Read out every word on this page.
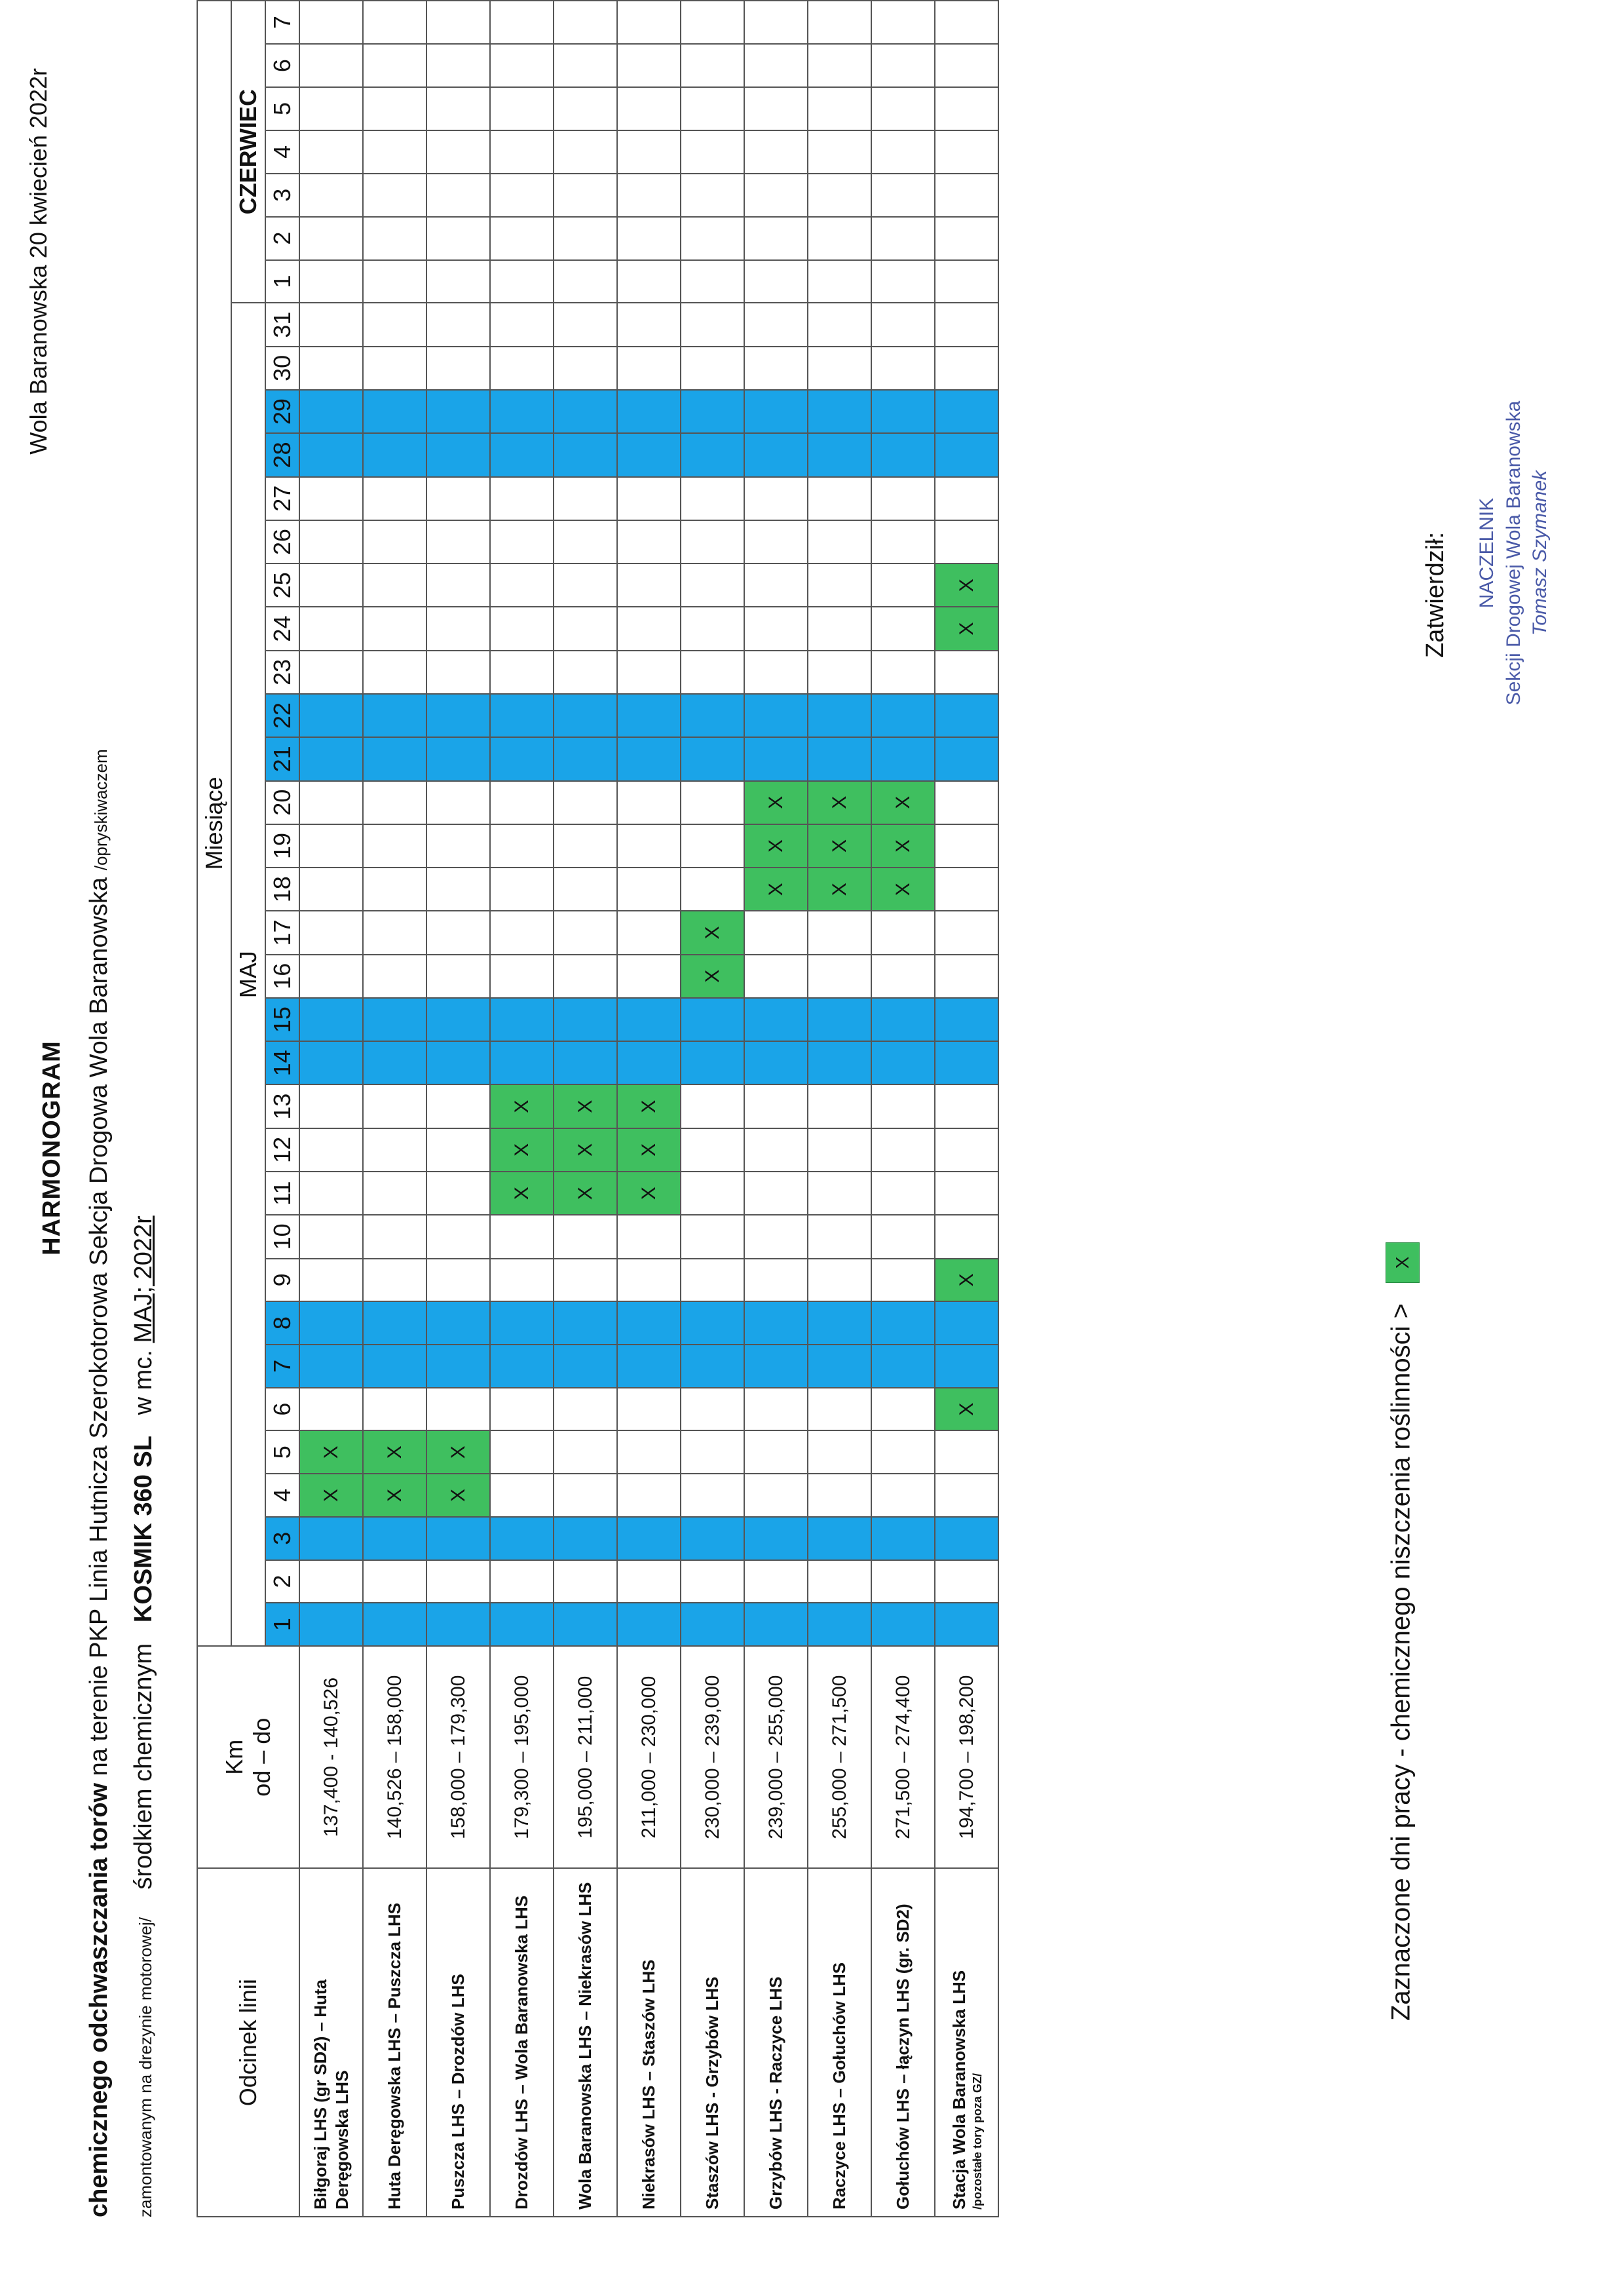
Wola Baranowska 20 kwiecień 2022r
HARMONOGRAM
chemicznego odchwaszczania torów na terenie PKP Linia Hutnicza Szerokotorowa Sekcja Drogowa Wola Baranowska /opryskiwaczem
zamontowanym na drezynie motorowej/    środkiem chemicznym   KOSMIK 360 SL   w mc. MAJ; 2022r
Odcinek linii	Km
od – do	Miesiące																																					
		MAJ																															CZERWIEC						
		1	2	3	4	5	6	7	8	9	10	11	12	13	14	15	16	17	18	19	20	21	22	23	24	25	26	27	28	29	30	31	1	2	3	4	5	6	7
Biłgoraj LHS (gr SD2) – Huta Deręgowska LHS	137,400 - 140,526				X	X																																	
Huta Deręgowska LHS – Puszcza LHS	140,526 – 158,000				X	X																																	
Puszcza LHS – Drozdów LHS	158,000 – 179,300				X	X																																	
Drozdów LHS – Wola Baranowska LHS	179,300 – 195,000											X	X	X																									
Wola Baranowska LHS – Niekrasów LHS	195,000 – 211,000											X	X	X																									
Niekrasów LHS – Staszów LHS	211,000 – 230,000											X	X	X																									
Staszów LHS - Grzybów LHS	230,000 – 239,000																X	X																					
Grzybów LHS - Raczyce LHS	239,000 – 255,000																		X	X	X																		
Raczyce LHS – Gołuchów LHS	255,000 – 271,500																		X	X	X																		
Gołuchów LHS – łączyn LHS (gr. SD2)	271,500 – 274,400																		X	X	X																		
Stacja Wola Baranowska LHS /pozostałe tory poza GZ/	194,700 – 198,200						X			X															X	X													
Zaznaczone dni pracy - chemicznego niszczenia roślinności > X
Zatwierdził: NACZELNIK Sekcji Drogowej Wola Baranowska Tomasz Szymanek
